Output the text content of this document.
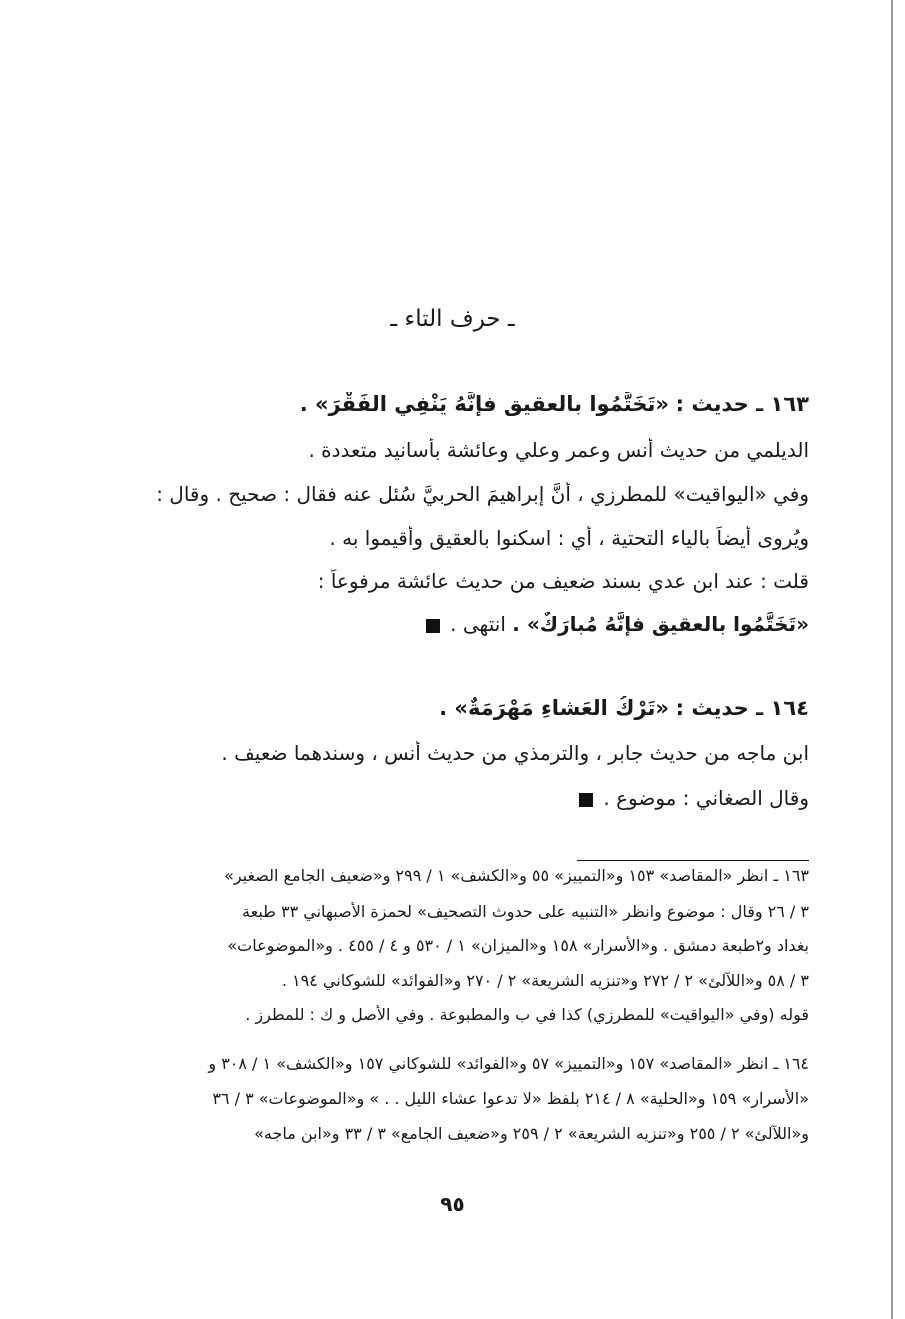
ـ حرف التاء ـ
١٦٣ ـ حديث : «تَخَتَّمُوا بالعقيقِ فإنَّهُ يَنْفِي الفَقْرَ» .
الديلمي من حديث أنس وعمر وعلي وعائشة بأسانيد متعددة .
وفي «اليواقيت» للمطرزي ، أنَّ إبراهيمَ الحربيَّ سُئل عنه فقال : صحيح . وقال :
ويُروى أيضاً بالياء التحتية ، أي : اسكنوا بالعقيق وأقيموا به .
قلت : عند ابن عدي بسند ضعيف من حديث عائشة مرفوعاً :
«تَخَتَّمُوا بالعقيقِ فإنَّهُ مُبارَكٌ» . انتهى .
١٦٤ ـ حديث : «تَرْكُ العَشاءِ مَهْرَمَةٌ» .
ابن ماجه من حديث جابر ، والترمذي من حديث أنس ، وسندهما ضعيف .
وقال الصغاني : موضوع .
١٦٣ ـ انظر «المقاصد» ١٥٣ و«التمييز» ٥٥ و«الكشف» ١ / ٢٩٩ و«ضعيف الجامع الصغير»
٣ / ٢٦ وقال : موضوع وانظر «التنبيه على حدوث التصحيف» لحمزة الأصبهاني ٣٣ طبعة
بغداد و٢طبعة دمشق . و«الأسرار» ١٥٨ و«الميزان» ١ / ٥٣٠ و ٤ / ٤٥٥ . و«الموضوعات»
٣ / ٥٨ و«اللآلئ» ٢ / ٢٧٢ و«تنزيه الشريعة» ٢ / ٢٧٠ و«الفوائد» للشوكاني ١٩٤ .
قوله (وفي «اليواقيت» للمطرزي) كذا في ب والمطبوعة . وفي الأصل و ك : للمطرز .
١٦٤ ـ انظر «المقاصد» ١٥٧ و«التمييز» ٥٧ و«الفوائد» للشوكاني ١٥٧ و«الكشف» ١ / ٣٠٨ و
«الأسرار» ١٥٩ و«الحلية» ٨ / ٢١٤ بلفظ «لا تدعوا عشاء الليل . . » و«الموضوعات» ٣ / ٣٦
و«اللآلئ» ٢ / ٢٥٥ و«تنزيه الشريعة» ٢ / ٢٥٩ و«ضعيف الجامع» ٣ / ٣٣ و«ابن ماجه»
٩٥
